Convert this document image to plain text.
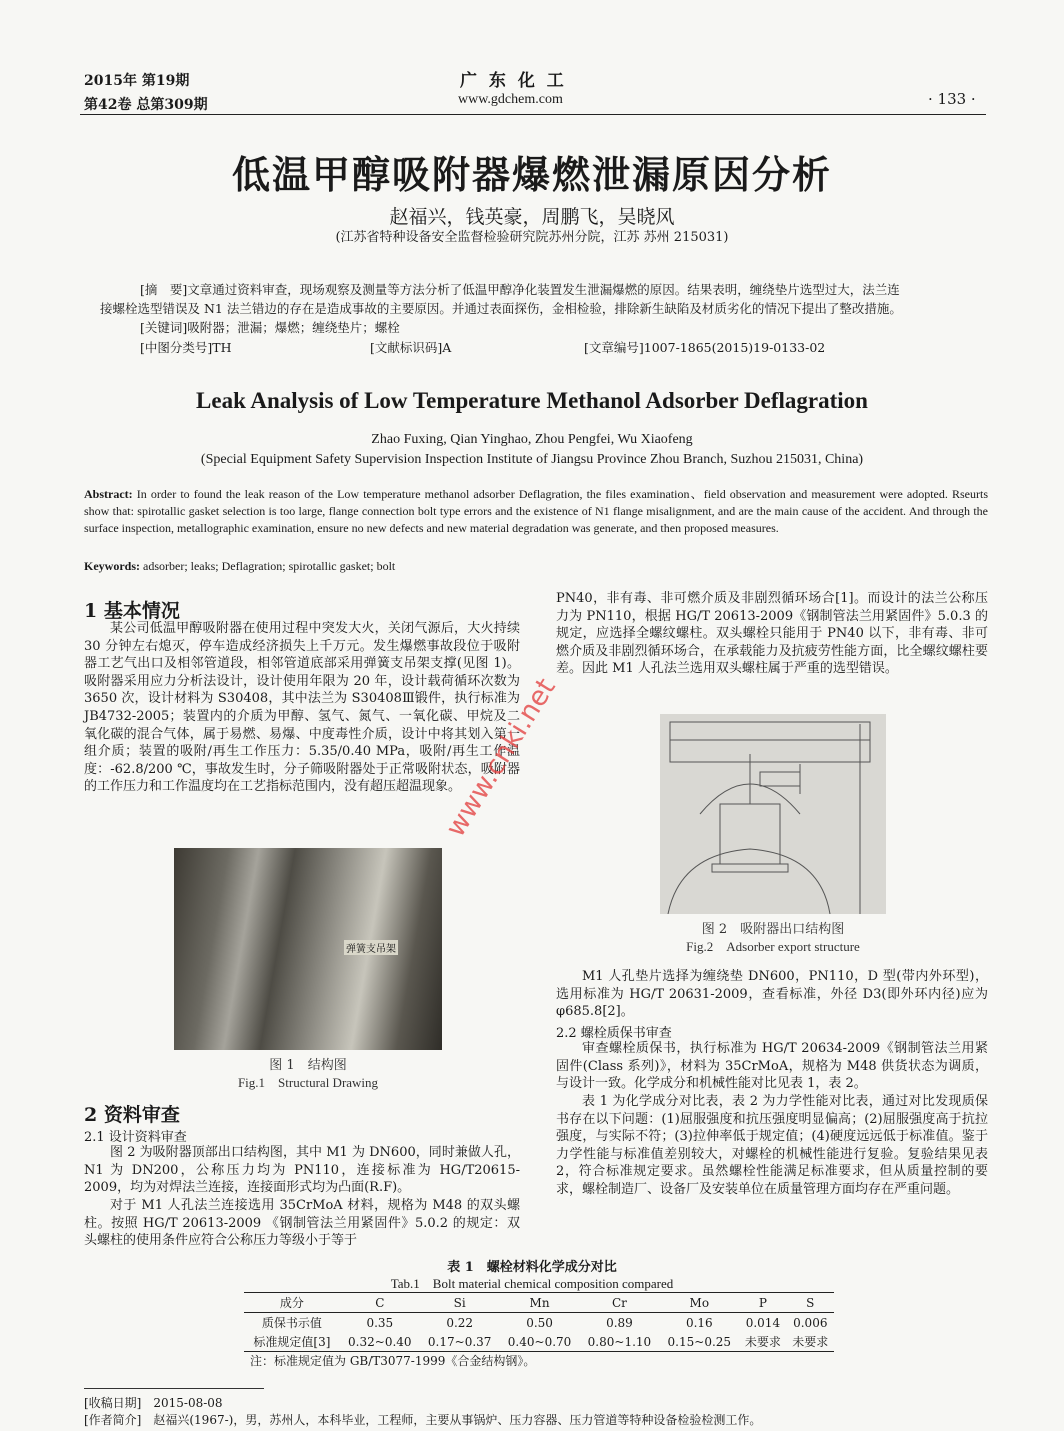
2015年 第19期
第42卷 总第309期
广 东 化 工
www.gdchem.com	· 133 ·
低温甲醇吸附器爆燃泄漏原因分析
赵福兴，钱英豪，周鹏飞，吴晓风
(江苏省特种设备安全监督检验研究院苏州分院，江苏 苏州 215031)
[摘　要]文章通过资料审查，现场观察及测量等方法分析了低温甲醇净化装置发生泄漏爆燃的原因。结果表明，缠绕垫片选型过大，法兰连
接螺栓选型错误及 N1 法兰错边的存在是造成事故的主要原因。并通过表面探伤，金相检验，排除新生缺陷及材质劣化的情况下提出了整改措施。
[关键词]吸附器；泄漏；爆燃；缠绕垫片；螺栓
[中图分类号]TH	[文献标识码]A	[文章编号]1007-1865(2015)19-0133-02
Leak Analysis of Low Temperature Methanol Adsorber Deflagration
Zhao Fuxing, Qian Yinghao, Zhou Pengfei, Wu Xiaofeng
(Special Equipment Safety Supervision Inspection Institute of Jiangsu Province Zhou Branch, Suzhou 215031, China)
Abstract: In order to found the leak reason of the Low temperature methanol adsorber Deflagration, the files examination、field observation and measurement were adopted. Rseurts show that: spirotallic gasket selection is too large, flange connection bolt type errors and the existence of N1 flange misalignment, and are the main cause of the accident. And through the surface inspection, metallographic examination, ensure no new defects and new material degradation was generate, and then proposed measures.
Keywords: adsorber; leaks; Deflagration; spirotallic gasket; bolt
1 基本情况
某公司低温甲醇吸附器在使用过程中突发大火，关闭气源后，大火持续 30 分钟左右熄灭，停车造成经济损失上千万元。发生爆燃事故段位于吸附器工艺气出口及相邻管道段，相邻管道底部采用弹簧支吊架支撑(见图 1)。吸附器采用应力分析法设计，设计使用年限为 20 年，设计载荷循环次数为 3650 次，设计材料为 S30408，其中法兰为 S30408Ⅲ锻件，执行标准为 JB4732-2005；装置内的介质为甲醇、氢气、氮气、一氧化碳、甲烷及二氧化碳的混合气体，属于易燃、易爆、中度毒性介质，设计中将其划入第一组介质；装置的吸附/再生工作压力：5.35/0.40 MPa，吸附/再生工作温度：-62.8/200 ℃，事故发生时，分子筛吸附器处于正常吸附状态，吸附器的工作压力和工作温度均在工艺指标范围内，没有超压超温现象。
弹簧支吊架
图 1　结构图
Fig.1　Structural Drawing
2 资料审查
2.1 设计资料审查
图 2 为吸附器顶部出口结构图，其中 M1 为 DN600，同时兼做人孔，N1 为 DN200，公称压力均为 PN110，连接标准为 HG/T20615-2009，均为对焊法兰连接，连接面形式均为凸面(R.F)。
对于 M1 人孔法兰连接选用 35CrMoA 材料，规格为 M48 的双头螺柱。按照 HG/T 20613-2009 《钢制管法兰用紧固件》5.0.2 的规定：双头螺柱的使用条件应符合公称压力等级小于等于
PN40，非有毒、非可燃介质及非剧烈循环场合[1]。而设计的法兰公称压力为 PN110，根据 HG/T 20613-2009《钢制管法兰用紧固件》5.0.3 的规定，应选择全螺纹螺柱。双头螺栓只能用于 PN40 以下，非有毒、非可燃介质及非剧烈循环场合，在承载能力及抗疲劳性能方面，比全螺纹螺柱要差。因此 M1 人孔法兰选用双头螺柱属于严重的选型错误。
图 2　吸附器出口结构图
Fig.2　Adsorber export structure
M1 人孔垫片选择为缠绕垫 DN600，PN110，D 型(带内外环型)，选用标准为 HG/T 20631-2009，查看标准，外径 D3(即外环内径)应为 φ685.8[2]。
2.2 螺栓质保书审查
审查螺栓质保书，执行标准为 HG/T 20634-2009《钢制管法兰用紧固件(Class 系列)》，材料为 35CrMoA，规格为 M48 供货状态为调质，与设计一致。化学成分和机械性能对比见表 1，表 2。
表 1 为化学成分对比表，表 2 为力学性能对比表，通过对比发现质保书存在以下问题：(1)屈服强度和抗压强度明显偏高；(2)屈服强度高于抗拉强度，与实际不符；(3)拉伸率低于规定值；(4)硬度远远低于标准值。鉴于力学性能与标准值差别较大，对螺栓的机械性能进行复验。复验结果见表 2，符合标准规定要求。虽然螺栓性能满足标准要求，但从质量控制的要求，螺栓制造厂、设备厂及安装单位在质量管理方面均存在严重问题。
表 1　螺栓材料化学成分对比
Tab.1　Bolt material chemical composition compared
成分	C	Si	Mn	Cr	Mo	P	S
质保书示值	0.35	0.22	0.50	0.89	0.16	0.014	0.006
标准规定值[3]	0.32~0.40	0.17~0.37	0.40~0.70	0.80~1.10	0.15~0.25	未要求	未要求
注：标准规定值为 GB/T3077-1999《合金结构钢》。
[收稿日期]　2015-08-08
[作者简介]　赵福兴(1967-)，男，苏州人，本科毕业，工程师，主要从事锅炉、压力容器、压力管道等特种设备检验检测工作。
www.cnki.net
